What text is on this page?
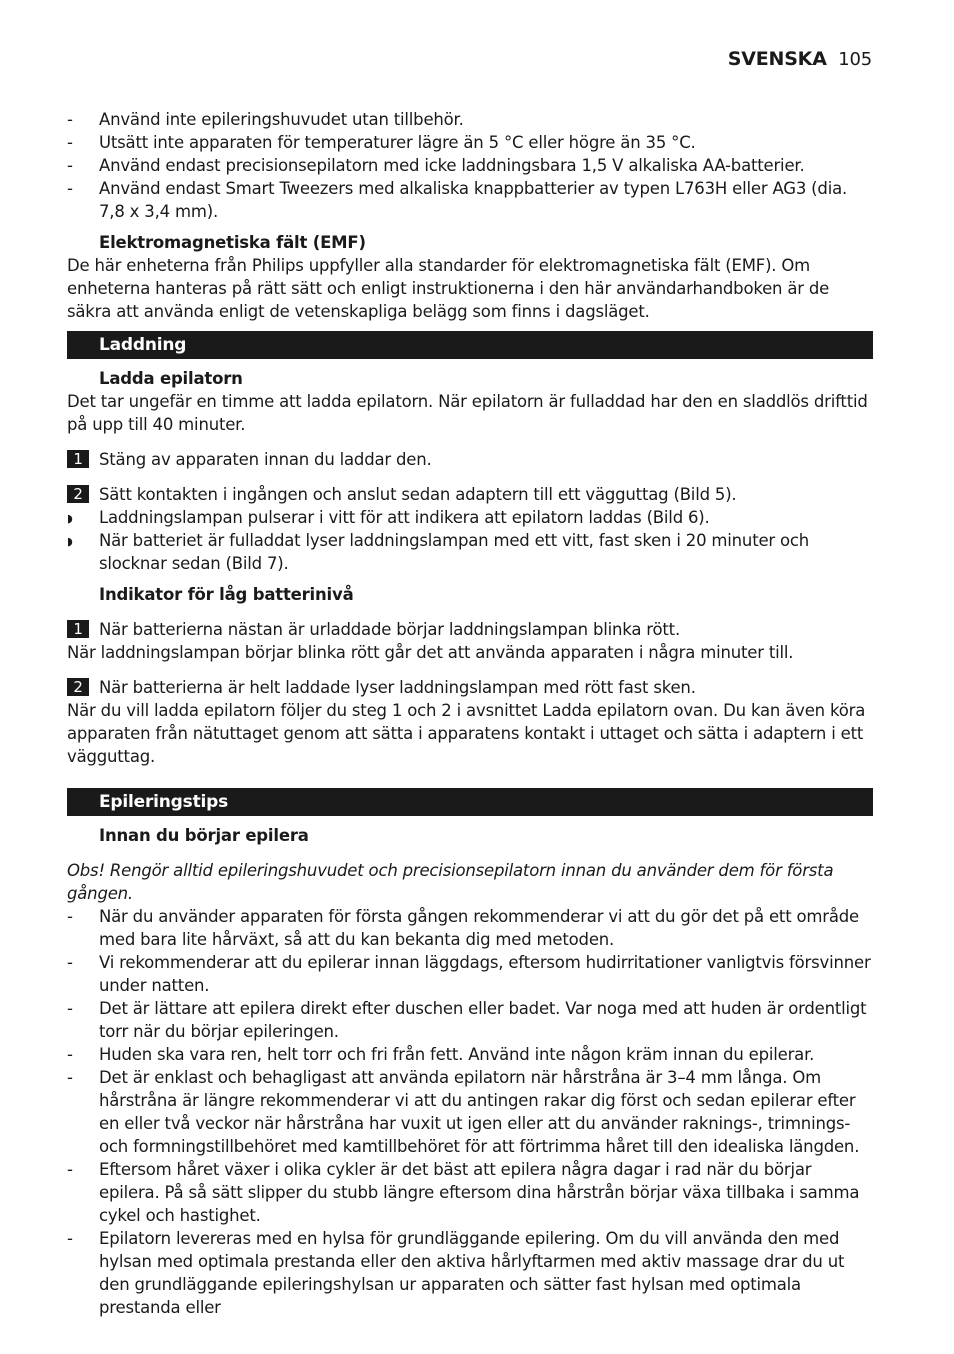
SVENSKA 105
-	Använd inte epileringshuvudet utan tillbehör.
-	Utsätt inte apparaten för temperaturer lägre än 5 °C eller högre än 35 °C.
-	Använd endast precisionsepilatorn med icke laddningsbara 1,5 V alkaliska AA-batterier.
-	Använd endast Smart Tweezers med alkaliska knappbatterier av typen L763H eller AG3 (dia. 7,8 x 3,4 mm).
Elektromagnetiska fält (EMF)
De här enheterna från Philips uppfyller alla standarder för elektromagnetiska fält (EMF). Om enheterna hanteras på rätt sätt och enligt instruktionerna i den här användarhandboken är de säkra att använda enligt de vetenskapliga belägg som finns i dagsläget.
Laddning
Ladda epilatorn
Det tar ungefär en timme att ladda epilatorn. När epilatorn är fulladdad har den en sladdlös drifttid på upp till 40 minuter.
1 Stäng av apparaten innan du laddar den.
2 Sätt kontakten i ingången och anslut sedan adaptern till ett vägguttag (Bild 5).
◗	Laddningslampan pulserar i vitt för att indikera att epilatorn laddas (Bild 6).
◗	När batteriet är fulladdat lyser laddningslampan med ett vitt, fast sken i 20 minuter och slocknar sedan (Bild 7).
Indikator för låg batterinivå
1 När batterierna nästan är urladdade börjar laddningslampan blinka rött.
När laddningslampan börjar blinka rött går det att använda apparaten i några minuter till.
2 När batterierna är helt laddade lyser laddningslampan med rött fast sken.
När du vill ladda epilatorn följer du steg 1 och 2 i avsnittet Ladda epilatorn ovan. Du kan även köra apparaten från nätuttaget genom att sätta i apparatens kontakt i uttaget och sätta i adaptern i ett vägguttag.
Epileringstips
Innan du börjar epilera
Obs! Rengör alltid epileringshuvudet och precisionsepilatorn innan du använder dem för första gången.
-	När du använder apparaten för första gången rekommenderar vi att du gör det på ett område med bara lite hårväxt, så att du kan bekanta dig med metoden.
-	Vi rekommenderar att du epilerar innan läggdags, eftersom hudirritationer vanligtvis försvinner under natten.
-	Det är lättare att epilera direkt efter duschen eller badet. Var noga med att huden är ordentligt torr när du börjar epileringen.
-	Huden ska vara ren, helt torr och fri från fett. Använd inte någon kräm innan du epilerar.
-	Det är enklast och behagligast att använda epilatorn när hårstråna är 3–4 mm långa. Om hårstråna är längre rekommenderar vi att du antingen rakar dig först och sedan epilerar efter en eller två veckor när hårstråna har vuxit ut igen eller att du använder raknings-, trimnings- och formningstillbehöret med kamtillbehöret för att förtrimma håret till den idealiska längden.
-	Eftersom håret växer i olika cykler är det bäst att epilera några dagar i rad när du börjar epilera. På så sätt slipper du stubb längre eftersom dina hårstrån börjar växa tillbaka i samma cykel och hastighet.
-	Epilatorn levereras med en hylsa för grundläggande epilering. Om du vill använda den med hylsan med optimala prestanda eller den aktiva hårlyftarmen med aktiv massage drar du ut den grundläggande epileringshylsan ur apparaten och sätter fast hylsan med optimala prestanda eller
